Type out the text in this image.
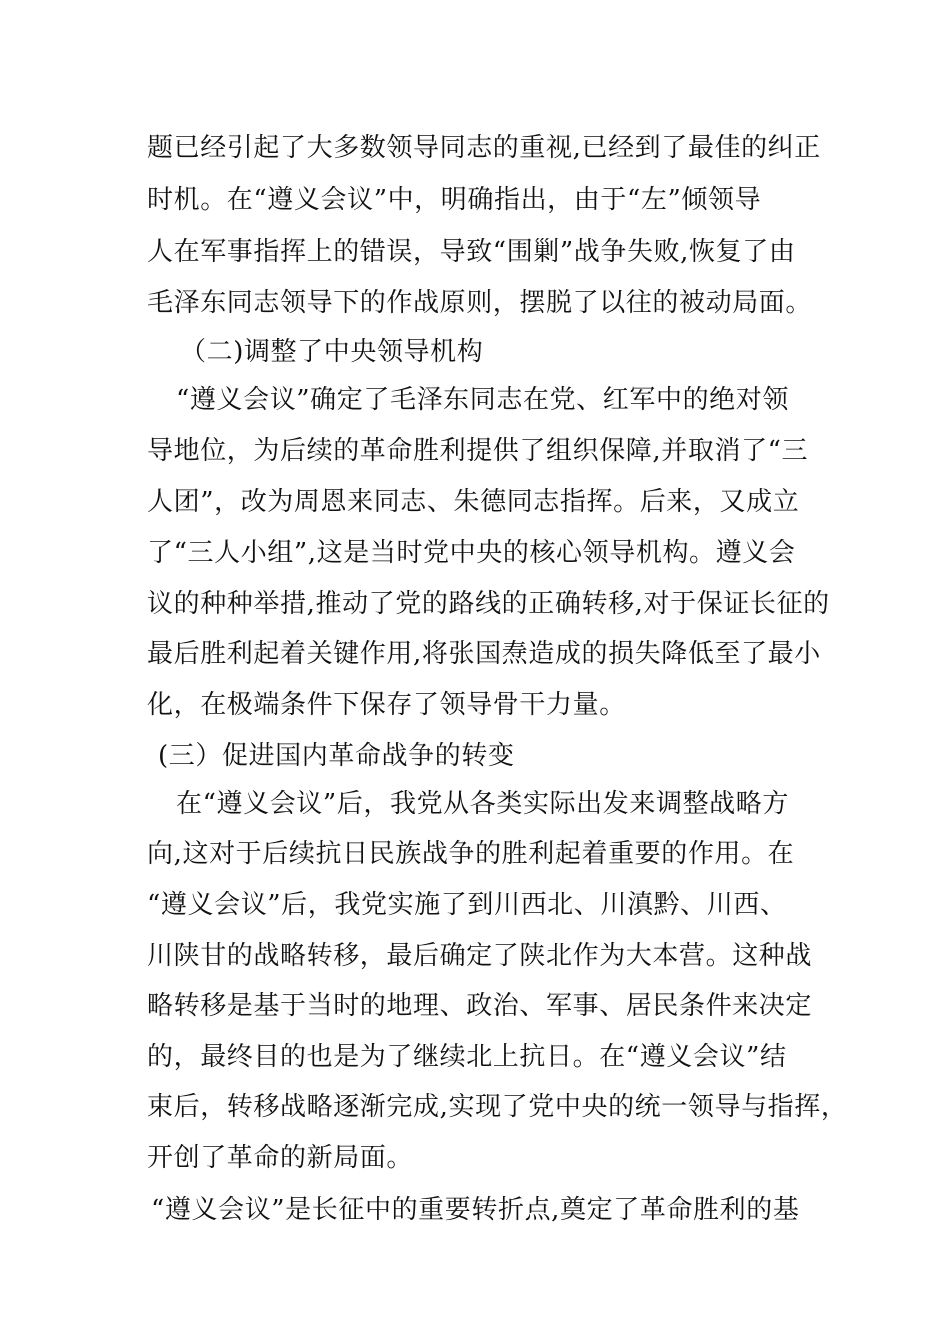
题已经引起了大多数领导同志的重视,已经到了最佳的纠正
时机。在“遵义会议”中，明确指出，由于“左”倾领导
人在军事指挥上的错误，导致“围剿”战争失败,恢复了由
毛泽东同志领导下的作战原则，摆脱了以往的被动局面。
（二)调整了中央领导机构
“遵义会议”确定了毛泽东同志在党、红军中的绝对领
导地位，为后续的革命胜利提供了组织保障,并取消了“三
人团”，改为周恩来同志、朱德同志指挥。后来，又成立
了“三人小组”,这是当时党中央的核心领导机构。遵义会
议的种种举措,推动了党的路线的正确转移,对于保证长征的
最后胜利起着关键作用,将张国焘造成的损失降低至了最小
化，在极端条件下保存了领导骨干力量。
(三）促进国内革命战争的转变
在“遵义会议”后，我党从各类实际出发来调整战略方
向,这对于后续抗日民族战争的胜利起着重要的作用。在
“遵义会议”后，我党实施了到川西北、川滇黔、川西、
川陕甘的战略转移，最后确定了陕北作为大本营。这种战
略转移是基于当时的地理、政治、军事、居民条件来决定
的，最终目的也是为了继续北上抗日。在“遵义会议”结
束后，转移战略逐渐完成,实现了党中央的统一领导与指挥，
开创了革命的新局面。
“遵义会议”是长征中的重要转折点,奠定了革命胜利的基
